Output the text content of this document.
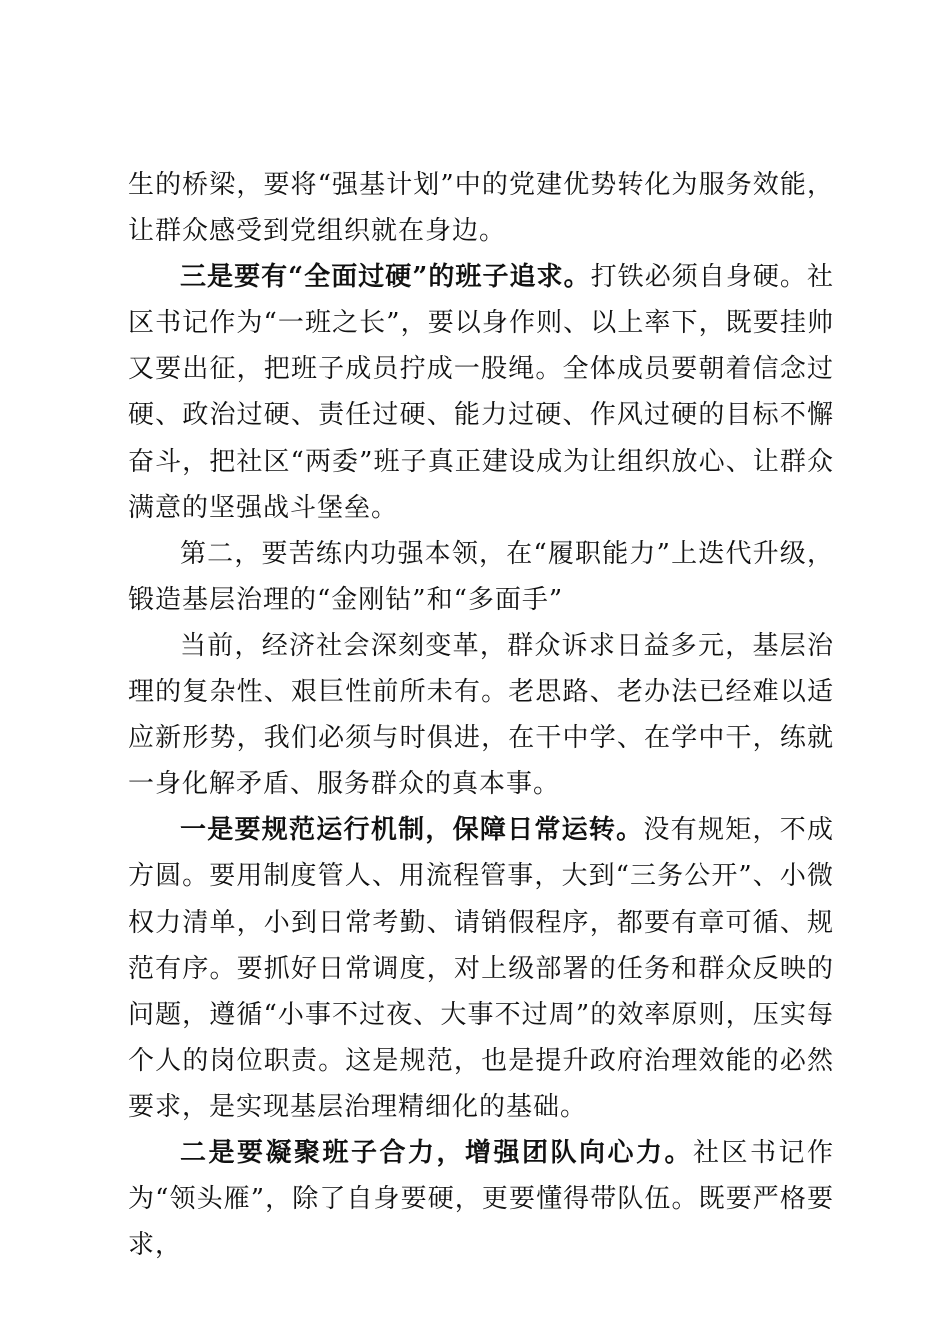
生的桥梁，要将“强基计划”中的党建优势转化为服务效能，让群众感受到党组织就在身边。

三是要有“全面过硬”的班子追求。打铁必须自身硬。社区书记作为“一班之长”，要以身作则、以上率下，既要挂帅又要出征，把班子成员拧成一股绳。全体成员要朝着信念过硬、政治过硬、责任过硬、能力过硬、作风过硬的目标不懈奋斗，把社区“两委”班子真正建设成为让组织放心、让群众满意的坚强战斗堡垒。

第二，要苦练内功强本领，在“履职能力”上迭代升级，锻造基层治理的“金刚钻”和“多面手”

当前，经济社会深刻变革，群众诉求日益多元，基层治理的复杂性、艰巨性前所未有。老思路、老办法已经难以适应新形势，我们必须与时俱进，在干中学、在学中干，练就一身化解矛盾、服务群众的真本事。

一是要规范运行机制，保障日常运转。没有规矩，不成方圆。要用制度管人、用流程管事，大到“三务公开”、小微权力清单，小到日常考勤、请销假程序，都要有章可循、规范有序。要抓好日常调度，对上级部署的任务和群众反映的问题，遵循“小事不过夜、大事不过周”的效率原则，压实每个人的岗位职责。这是规范，也是提升政府治理效能的必然要求，是实现基层治理精细化的基础。

二是要凝聚班子合力，增强团队向心力。社区书记作为“领头雁”，除了自身要硬，更要懂得带队伍。既要严格要求，
